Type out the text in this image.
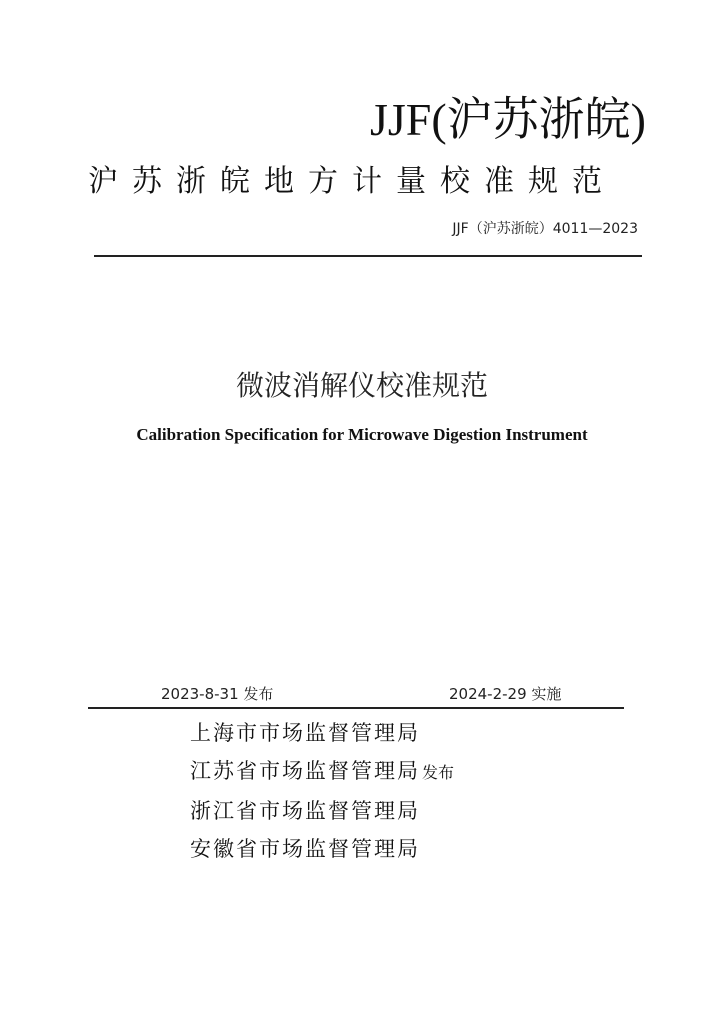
JJF(沪苏浙皖)
沪苏浙皖地方计量校准规范
JJF（沪苏浙皖）4011—2023
微波消解仪校准规范
Calibration Specification for Microwave Digestion Instrument
2023-8-31 发布	2024-2-29 实施
上海市市场监督管理局
江苏省市场监督管理局 发布
浙江省市场监督管理局
安徽省市场监督管理局
